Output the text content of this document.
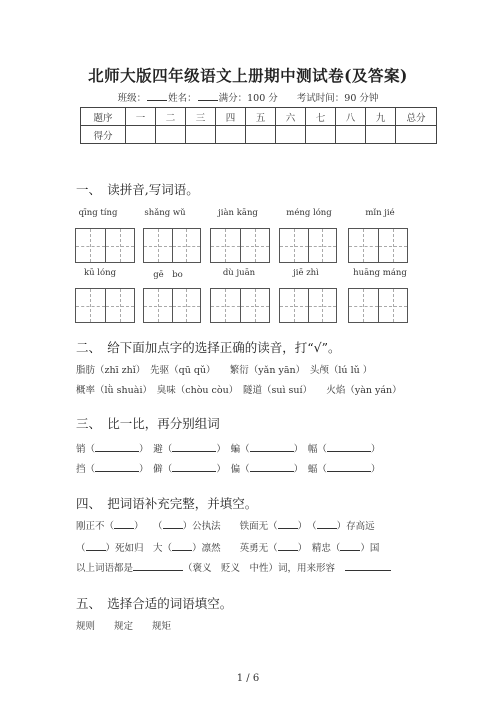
北师大版四年级语文上册期中测试卷(及答案)
班级： 姓名： 满分：100 分　　 考试时间：90 分钟
题序	一	二	三	四	五	六	七	八	九	总分
得分										
一、　读拼音,写词语。
qīng tíng	shǎng wǔ	jiàn kāng	méng lóng	mǐn jié
kū lóng	gē　bo	dù juān	jiē zhì	huāng máng
二、　给下面加点字的选择正确的读音，打“√”。
脂肪（zhī zhǐ）　 先驱（qū qǔ）　　 繁衍（yǎn yān）　 头颅（lú lǔ ）
概率（lǜ shuài）　 臭味（chòu còu）　 隧道（suì suí）　　 火焰（yàn yán）
三、　比一比，再分别组词
销（	）　 避（	）　 蝙（	）　 幅（	）
挡（	）　 僻（	）　 偏（	）　 蝠（	）
四、　把词语补充完整，并填空。
刚正不（ ）　　 （ ）公执法　　 铁面无（ ）　 （ ）存高远
（ ）死如归　 大（ ）凛然　　 英勇无（ ）　 精忠（ ）国
以上词语都是	（褒义　贬义　中性）词，用来形容　
五、　选择合适的词语填空。
规则　　规定　　规矩
1 / 6
